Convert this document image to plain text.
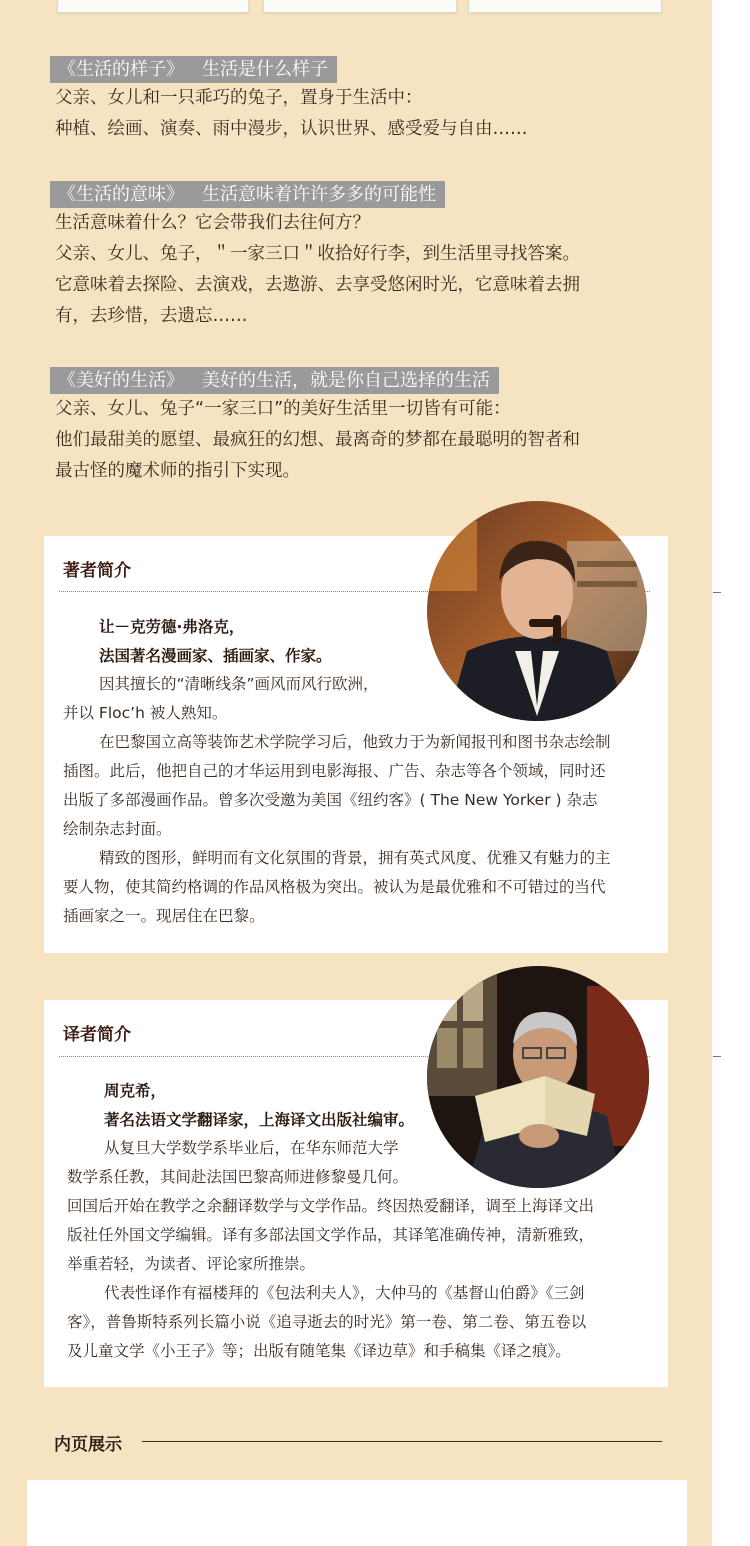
《生活的样子》 生活是什么样子

父亲、女儿和一只乖巧的兔子，置身于生活中：

种植、绘画、演奏、雨中漫步，认识世界、感受爱与自由……

《生活的意味》 生活意味着许许多多的可能性

生活意味着什么？它会带我们去往何方？

父亲、女儿、兔子，＂一家三口＂收拾好行李，到生活里寻找答案。

它意味着去探险、去演戏，去遨游、去享受悠闲时光，它意味着去拥

有，去珍惜，去遗忘……

《美好的生活》 美好的生活，就是你自己选择的生活

父亲、女儿、兔子“一家三口”的美好生活里一切皆有可能：

他们最甜美的愿望、最疯狂的幻想、最离奇的梦都在最聪明的智者和

最古怪的魔术师的指引下实现。

著者简介

让－克劳德·弗洛克，

法国著名漫画家、插画家、作家。

因其擅长的“清晰线条”画风而风行欧洲，

并以 Floc’h 被人熟知。

在巴黎国立高等装饰艺术学院学习后，他致力于为新闻报刊和图书杂志绘制

插图。此后，他把自己的才华运用到电影海报、广告、杂志等各个领域，同时还

出版了多部漫画作品。曾多次受邀为美国《纽约客》( The New Yorker ) 杂志

绘制杂志封面。

精致的图形，鲜明而有文化氛围的背景，拥有英式风度、优雅又有魅力的主

要人物，使其简约格调的作品风格极为突出。被认为是最优雅和不可错过的当代

插画家之一。现居住在巴黎。

译者简介

周克希，

著名法语文学翻译家，上海译文出版社编审。

从复旦大学数学系毕业后，在华东师范大学

数学系任教，其间赴法国巴黎高师进修黎曼几何。

回国后开始在教学之余翻译数学与文学作品。终因热爱翻译，调至上海译文出

版社任外国文学编辑。译有多部法国文学作品，其译笔准确传神，清新雅致，

举重若轻，为读者、评论家所推崇。

代表性译作有福楼拜的《包法利夫人》，大仲马的《基督山伯爵》《三剑

客》，普鲁斯特系列长篇小说《追寻逝去的时光》第一卷、第二卷、第五卷以

及儿童文学《小王子》等；出版有随笔集《译边草》和手稿集《译之痕》。

内页展示
